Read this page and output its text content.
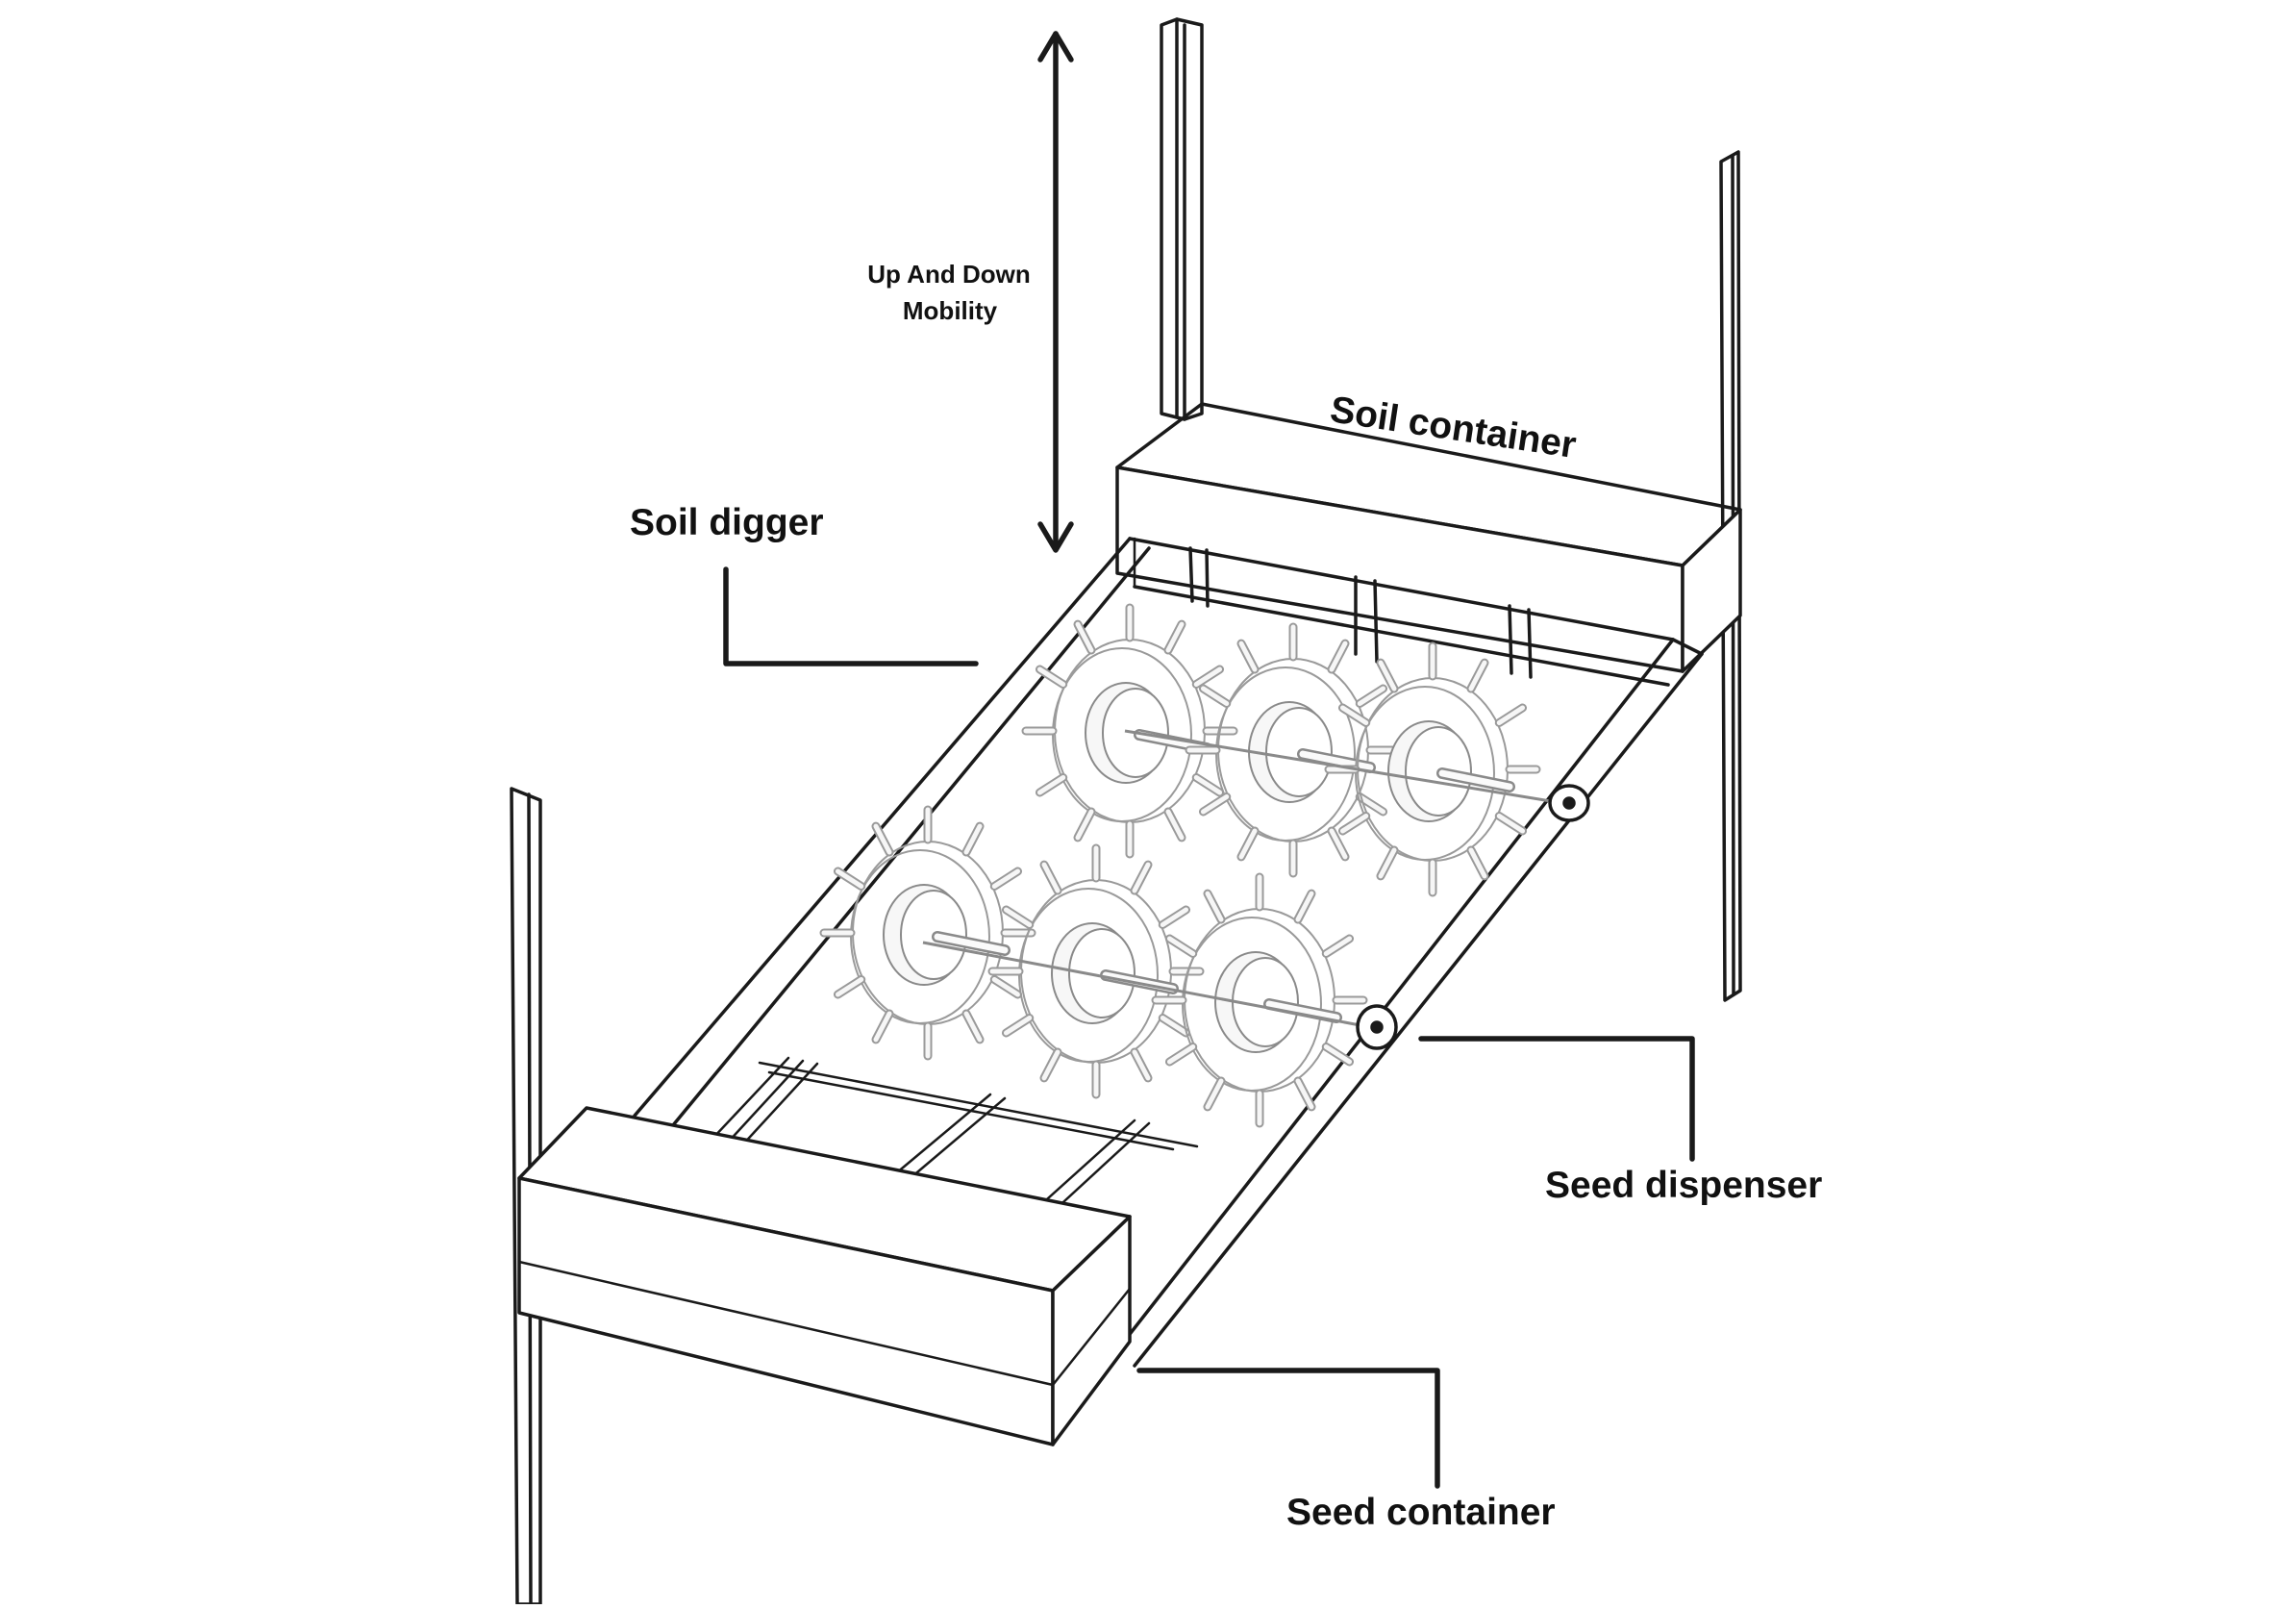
Up And Down
Mobility
Soil container
Soil digger
Seed dispenser
Seed container
